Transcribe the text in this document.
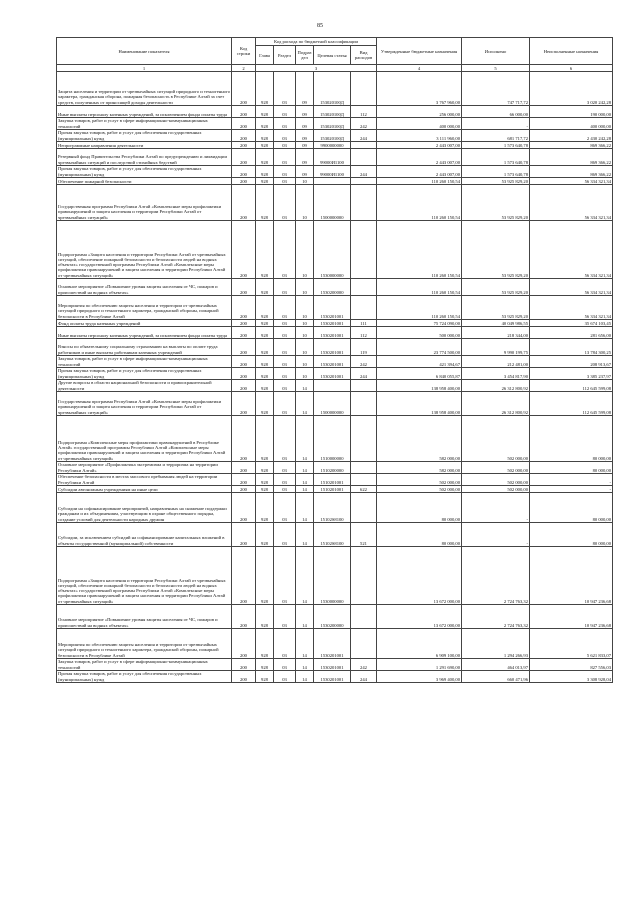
85
Наименование показателя	Код строки	Код расхода по бюджетной классификации					Утвержденные бюджетные назначения	Исполнено	Неисполненные назначения
		Глава	Раздел	Подраз дел	Целевая статья	Вид расходов			
1	2	3					4	5	6
Защита населения и территории от чрезвычайных ситуаций природного и техногенного характера, гражданская оборона, пожарная безопасность в Республике Алтай за счет средств, полученных от приносящей доходы деятельности	200	928	03	09	153020100Д		3 767 960,00	747 717,72	3 020 242,28
Иные выплаты персоналу казенных учреждений, за исключением фонда оплаты труда	200	928	03	09	153020100Д	112	256 000,00	66 000,00	190 000,00
Закупка товаров, работ и услуг в сфере информационно-коммуникационных технологий	200	928	03	09	153020100Д	242	400 000,00	-	400 000,00
Прочая закупка товаров, работ и услуг для обеспечения государственных (муниципальных) нужд	200	928	03	09	153020100Д	244	3 111 960,00	681 717,72	2 430 242,28
Непрограммные направления деятельности	200	928	03	09	9900000000		2 443 007,00	1 573 640,78	869 366,22
Резервный фонд Правительства Республики Алтай по предупреждению и ликвидации чрезвычайных ситуаций и последствий стихийных бедствий	200	928	03	09	99000И1100		2 443 007,00	1 573 640,78	869 366,22
Прочая закупка товаров, работ и услуг для обеспечения государственных (муниципальных) нужд	200	928	03	09	99000И1100	244	2 443 007,00	1 573 640,78	869 366,22
Обеспечение пожарной безопасности	200	928	03	10			110 260 150,54	53 925 829,20	56 334 321,34
Государственная программа Республики Алтай «Комплексные меры профилактики правонарушений и защита населения и территории Республики Алтай от чрезвычайных ситуаций»	200	928	03	10	1500000000		110 260 150,54	53 925 829,20	56 334 321,34
Подпрограмма «Защита населения и территории Республики Алтай от чрезвычайных ситуаций, обеспечение пожарной безопасности и безопасности людей на водных объектах» государственной программы Республики Алтай «Комплексные меры профилактики правонарушений и защита населения и территории Республики Алтай от чрезвычайных ситуаций»	200	928	03	10	1530000000		110 260 150,54	53 925 829,20	56 334 321,34
Основное мероприятие «Повышение уровня защиты населения от ЧС, пожаров и происшествий на водных объектах»	200	928	03	10	1530200000		110 260 150,54	53 925 829,20	56 334 321,34
Мероприятия по обеспечению защиты населения и территории от чрезвычайных ситуаций природного и техногенного характера, гражданской обороны, пожарной безопасности в Республике Алтай	200	928	03	10	1530201001		110 260 150,54	53 925 829,20	56 334 321,34
Фонд оплаты труда казенных учреждений	200	928	03	10	1530201001	111	75 724 090,00	40 049 986,55	35 674 103,45
Иные выплаты персоналу казенных учреждений, за исключением фонда оплаты труда	200	928	03	10	1530201001	112	500 000,00	218 344,00	281 656,00
Взносы по обязательному социальному страхованию на выплаты по оплате труда работников и иные выплаты работникам казенных учреждений	200	928	03	10	1530201001	119	23 774 500,00	9 990 199,75	13 784 300,25
Закупка товаров, работ и услуг в сфере информационно-коммуникационных технологий	200	928	03	10	1530201001	242	421 394,67	212 481,00	208 913,67
Прочая закупка товаров, работ и услуг для обеспечения государственных (муниципальных) нужд	200	928	03	10	1530201001	244	6 840 055,87	3 454 817,90	3 385 237,97
Другие вопросы в области национальной безопасности и правоохранительной деятельности	200	928	03	14			138 958 400,00	26 312 800,92	112 645 599,08
Государственная программа Республики Алтай «Комплексные меры профилактики правонарушений и защита населения и территории Республики Алтай от чрезвычайных ситуаций»	200	928	03	14	1500000000		138 958 400,00	26 312 800,92	112 645 599,08
Подпрограмма «Комплексные меры профилактики правонарушений в Республике Алтай» государственной программы Республики Алтай «Комплексные меры профилактики правонарушений и защита населения и территории Республики Алтай от чрезвычайных ситуаций»	200	928	03	14	1510000000		582 000,00	502 000,00	80 000,00
Основное мероприятие «Профилактика экстремизма и терроризма на территории Республики Алтай»	200	928	03	14	1510200000		582 000,00	502 000,00	80 000,00
Обеспечение безопасности в местах массового пребывания людей на территории Республики Алтай	200	928	03	14	1510201001		502 000,00	502 000,00	-
Субсидии автономным учреждениям на иные цели	200	928	03	14	1510201001	622	502 000,00	502 000,00	-
Субсидии на софинансирование мероприятий, направленных на снижение поддержки гражданам и их объединениям, участвующим в охране общественного порядка, создание условий для деятельности народных дружин	200	928	03	14	15102S8100		80 000,00	-	80 000,00
Субсидии, за исключением субсидий на софинансирование капитальных вложений в объекты государственной (муниципальной) собственности	200	928	03	14	15102S8100	521	80 000,00	-	80 000,00
Подпрограмма «Защита населения и территории Республики Алтай от чрезвычайных ситуаций, обеспечение пожарной безопасности и безопасности людей на водных объектах» государственной программы Республики Алтай «Комплексные меры профилактики правонарушений и защита населения и территории Республики Алтай от чрезвычайных ситуаций»	200	928	03	14	1530000000		13 672 000,00	2 724 763,32	10 947 236,68
Основное мероприятие «Повышение уровня защиты населения от ЧС, пожаров и происшествий на водных объектах»	200	928	03	14	1530200000		13 672 000,00	2 724 763,32	10 947 236,68
Мероприятия по обеспечению защиты населения и территории от чрезвычайных ситуаций природного и техногенного характера, гражданской обороны, пожарной безопасности в Республике Алтай	200	928	03	14	1530201001		6 909 100,00	1 294 266,93	5 621 833,07
Закупка товаров, работ и услуг в сфере информационно-коммуникационных технологий	200	928	03	14	1530201001	242	1 291 690,00	464 013,97	827 556,03
Прочая закупка товаров, работ и услуг для обеспечения государственных (муниципальных) нужд	200	928	03	14	1530201001	244	3 969 400,00	660 471,96	3 308 928,04
